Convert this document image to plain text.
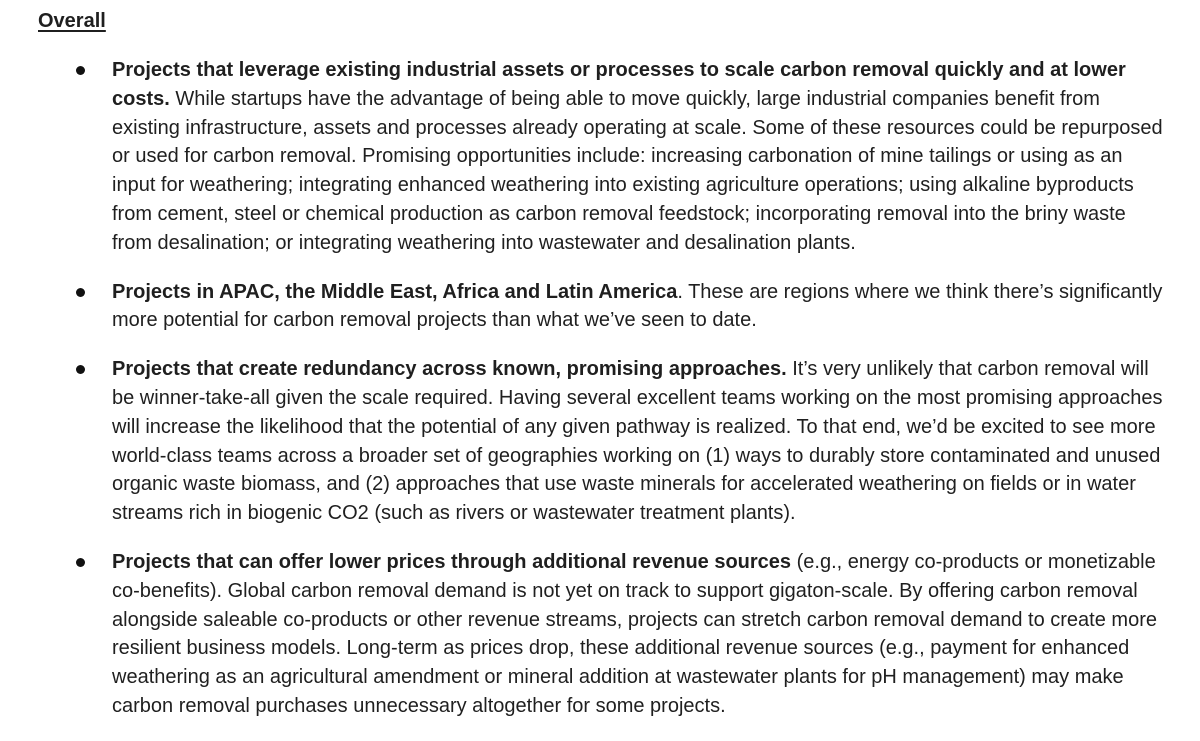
Overall
Projects that leverage existing industrial assets or processes to scale carbon removal quickly and at lower costs. While startups have the advantage of being able to move quickly, large industrial companies benefit from existing infrastructure, assets and processes already operating at scale. Some of these resources could be repurposed or used for carbon removal. Promising opportunities include: increasing carbonation of mine tailings or using as an input for weathering; integrating enhanced weathering into existing agriculture operations; using alkaline byproducts from cement, steel or chemical production as carbon removal feedstock; incorporating removal into the briny waste from desalination; or integrating weathering into wastewater and desalination plants.
Projects in APAC, the Middle East, Africa and Latin America. These are regions where we think there’s significantly more potential for carbon removal projects than what we’ve seen to date.
Projects that create redundancy across known, promising approaches. It’s very unlikely that carbon removal will be winner-take-all given the scale required. Having several excellent teams working on the most promising approaches will increase the likelihood that the potential of any given pathway is realized. To that end, we’d be excited to see more world-class teams across a broader set of geographies working on (1) ways to durably store contaminated and unused organic waste biomass, and (2) approaches that use waste minerals for accelerated weathering on fields or in water streams rich in biogenic CO2 (such as rivers or wastewater treatment plants).
Projects that can offer lower prices through additional revenue sources (e.g., energy co-products or monetizable co-benefits). Global carbon removal demand is not yet on track to support gigaton-scale. By offering carbon removal alongside saleable co-products or other revenue streams, projects can stretch carbon removal demand to create more resilient business models. Long-term as prices drop, these additional revenue sources (e.g., payment for enhanced weathering as an agricultural amendment or mineral addition at wastewater plants for pH management) may make carbon removal purchases unnecessary altogether for some projects.
